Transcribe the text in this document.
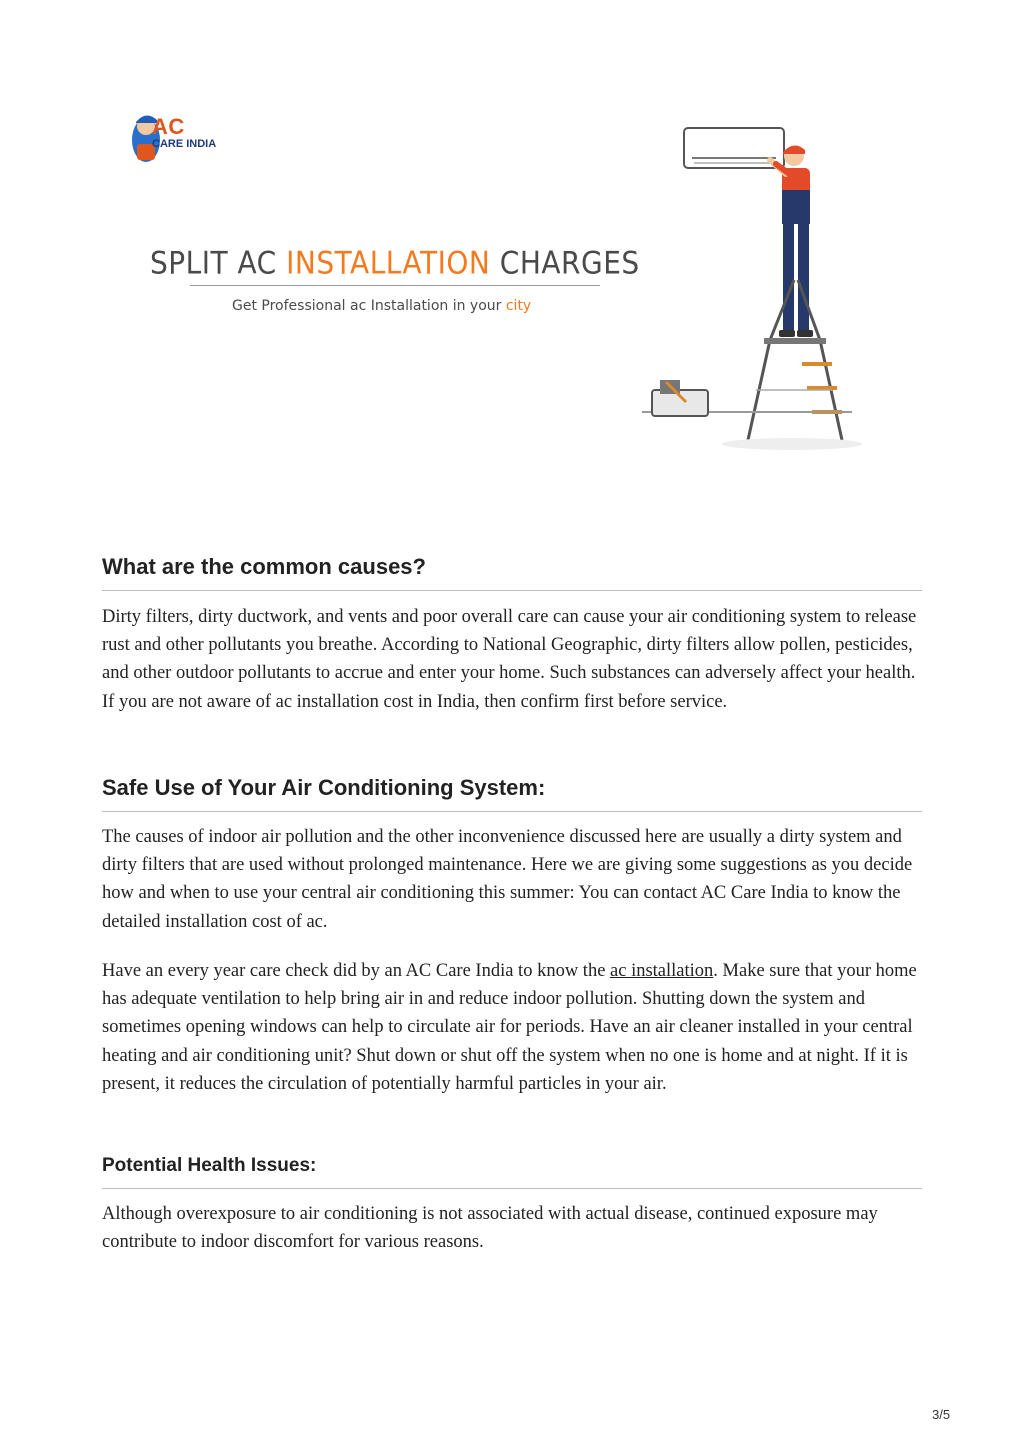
AC
CARE INDIA
SPLIT AC INSTALLATION CHARGES
Get Professional ac Installation in your city
What are the common causes?

Dirty filters, dirty ductwork, and vents and poor overall care can cause your air conditioning system to release rust and other pollutants you breathe. According to National Geographic, dirty filters allow pollen, pesticides, and other outdoor pollutants to accrue and enter your home. Such substances can adversely affect your health. If you are not aware of ac installation cost in India, then confirm first before service.

Safe Use of Your Air Conditioning System:

The causes of indoor air pollution and the other inconvenience discussed here are usually a dirty system and dirty filters that are used without prolonged maintenance. Here we are giving some suggestions as you decide how and when to use your central air conditioning this summer: You can contact AC Care India to know the detailed installation cost of ac.

Have an every year care check did by an AC Care India to know the ac installation. Make sure that your home has adequate ventilation to help bring air in and reduce indoor pollution. Shutting down the system and sometimes opening windows can help to circulate air for periods. Have an air cleaner installed in your central heating and air conditioning unit? Shut down or shut off the system when no one is home and at night. If it is present, it reduces the circulation of potentially harmful particles in your air.

Potential Health Issues:

Although overexposure to air conditioning is not associated with actual disease, continued exposure may contribute to indoor discomfort for various reasons.

3/5
